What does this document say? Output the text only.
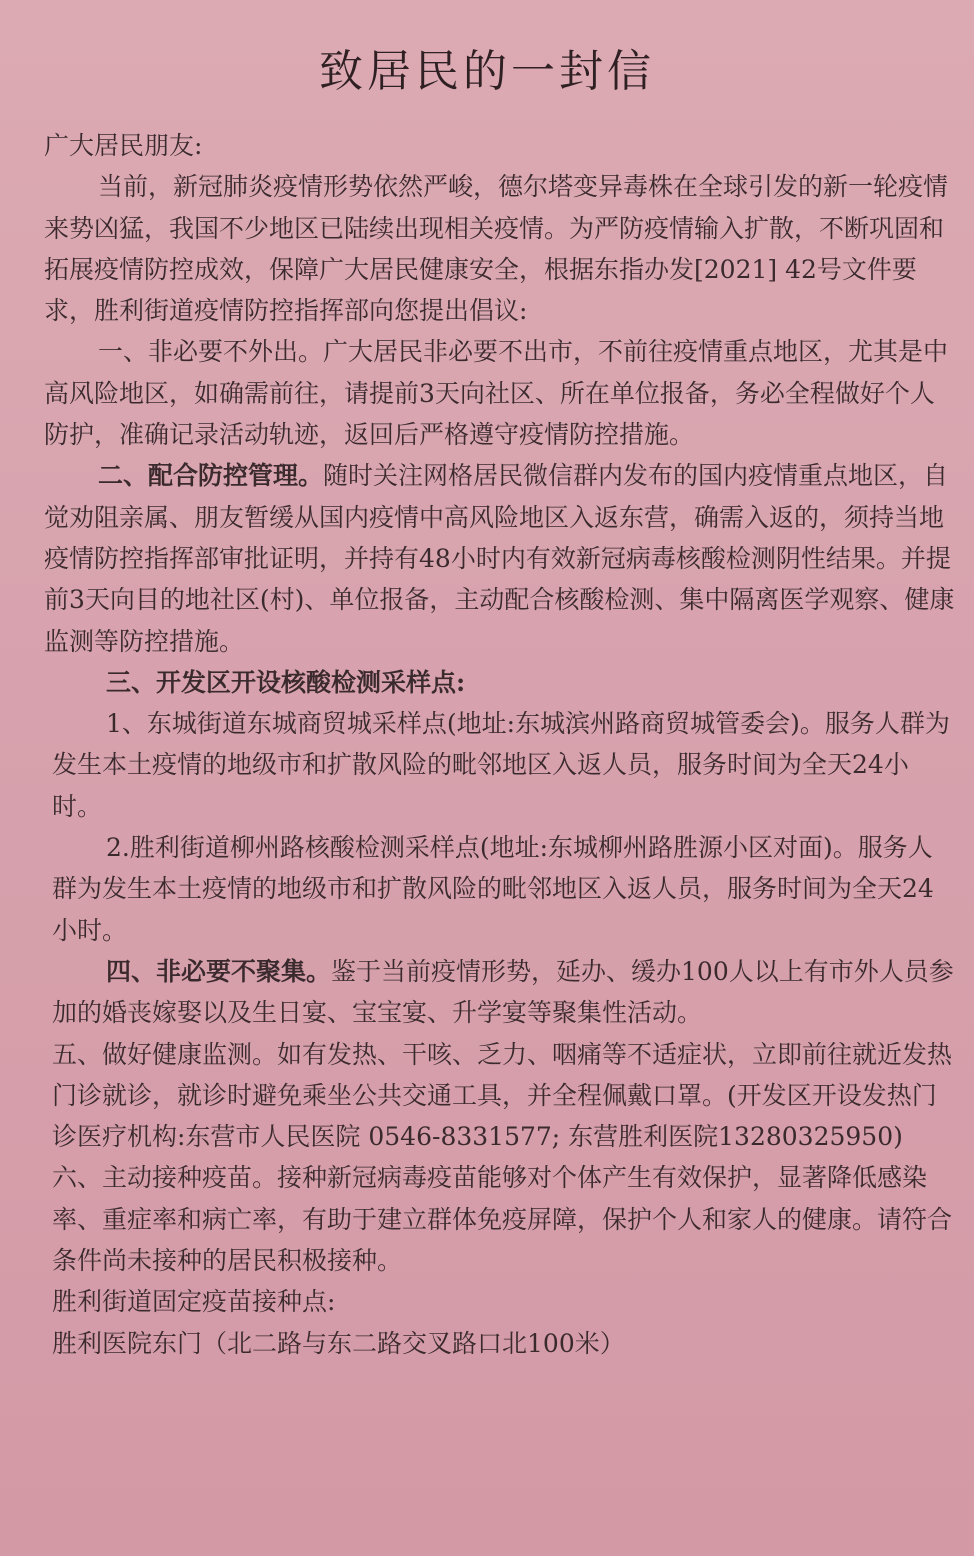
致居民的一封信

广大居民朋友:

当前，新冠肺炎疫情形势依然严峻，德尔塔变异毒株在全球引发的新一轮疫情来势凶猛，我国不少地区已陆续出现相关疫情。为严防疫情输入扩散，不断巩固和拓展疫情防控成效，保障广大居民健康安全，根据东指办发[2021] 42号文件要求，胜利街道疫情防控指挥部向您提出倡议:

一、非必要不外出。广大居民非必要不出市，不前往疫情重点地区，尤其是中高风险地区，如确需前往，请提前3天向社区、所在单位报备，务必全程做好个人防护，准确记录活动轨迹，返回后严格遵守疫情防控措施。

二、配合防控管理。随时关注网格居民微信群内发布的国内疫情重点地区，自觉劝阻亲属、朋友暂缓从国内疫情中高风险地区入返东营，确需入返的，须持当地疫情防控指挥部审批证明，并持有48小时内有效新冠病毒核酸检测阴性结果。并提前3天向目的地社区(村)、单位报备，主动配合核酸检测、集中隔离医学观察、健康监测等防控措施。

三、开发区开设核酸检测采样点:

1、东城街道东城商贸城采样点(地址:东城滨州路商贸城管委会)。服务人群为发生本土疫情的地级市和扩散风险的毗邻地区入返人员，服务时间为全天24小时。

2.胜利街道柳州路核酸检测采样点(地址:东城柳州路胜源小区对面)。服务人群为发生本土疫情的地级市和扩散风险的毗邻地区入返人员，服务时间为全天24小时。

四、非必要不聚集。鉴于当前疫情形势，延办、缓办100人以上有市外人员参加的婚丧嫁娶以及生日宴、宝宝宴、升学宴等聚集性活动。

五、做好健康监测。如有发热、干咳、乏力、咽痛等不适症状，立即前往就近发热门诊就诊，就诊时避免乘坐公共交通工具，并全程佩戴口罩。(开发区开设发热门诊医疗机构:东营市人民医院 0546-8331577; 东营胜利医院13280325950)

六、主动接种疫苗。接种新冠病毒疫苗能够对个体产生有效保护，显著降低感染率、重症率和病亡率，有助于建立群体免疫屏障，保护个人和家人的健康。请符合条件尚未接种的居民积极接种。

胜利街道固定疫苗接种点:

胜利医院东门（北二路与东二路交叉路口北100米）
